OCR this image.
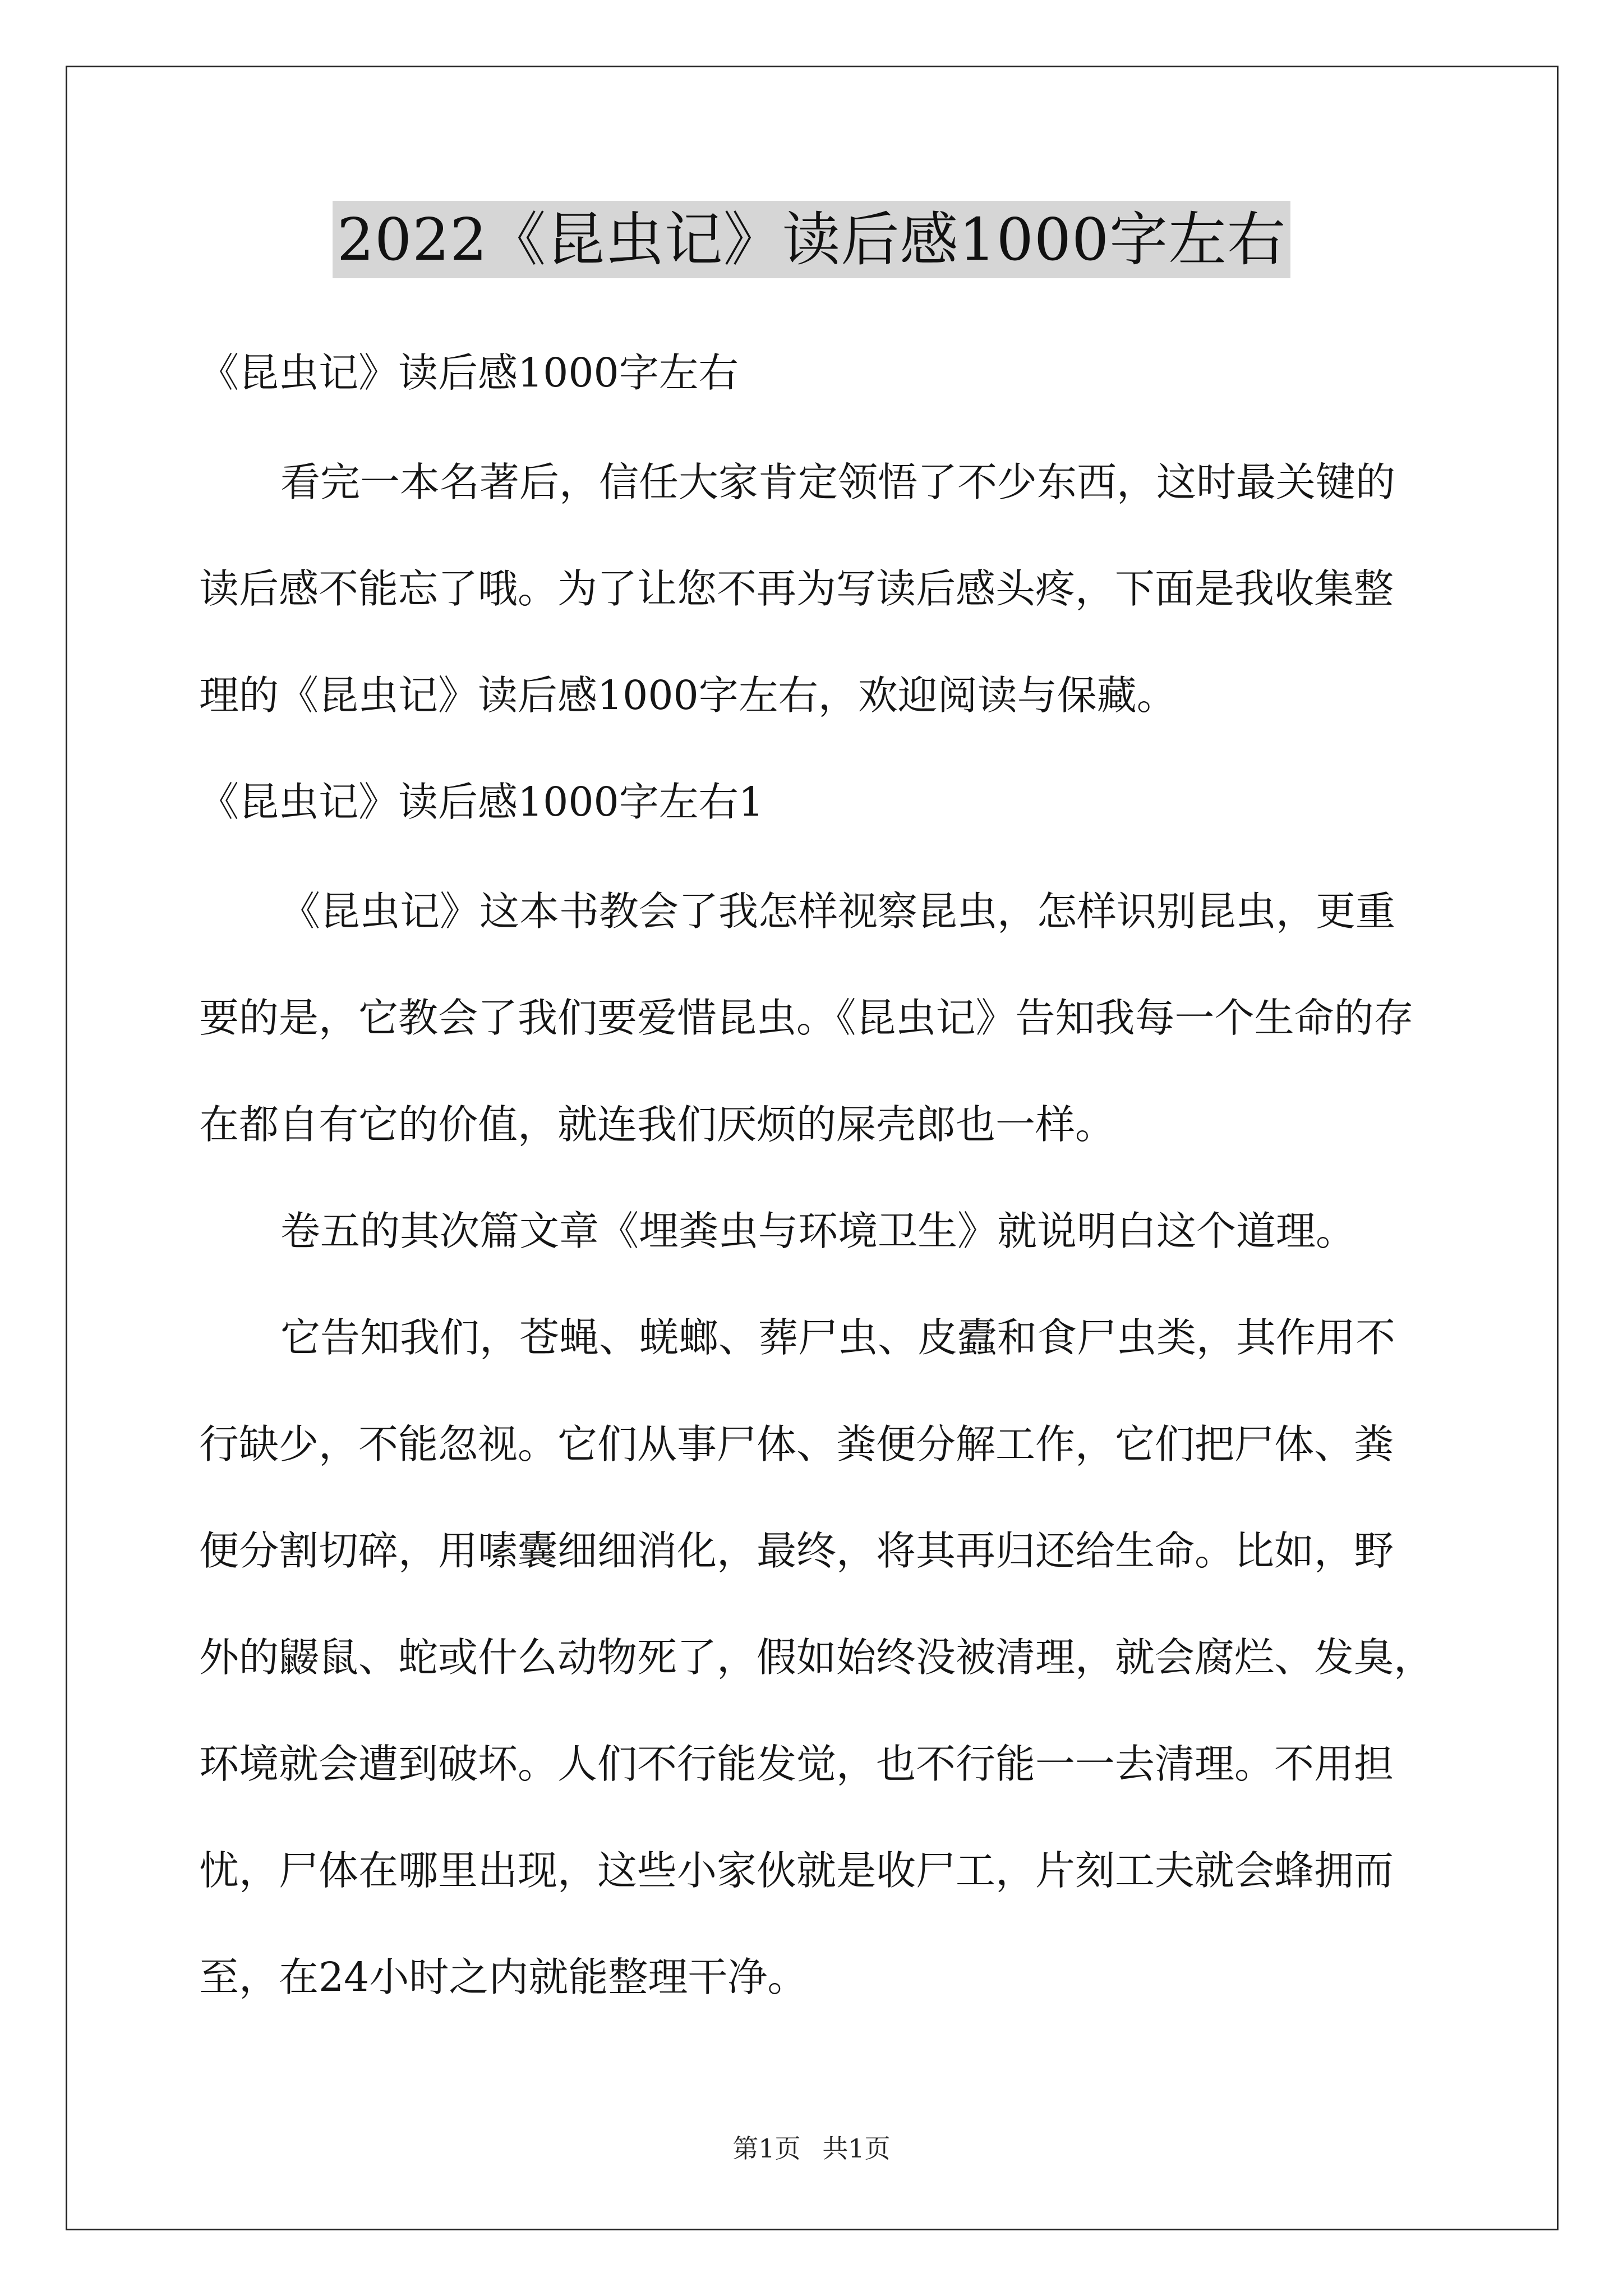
2022《昆虫记》读后感1000字左右
《昆虫记》读后感1000字左右
看完一本名著后，信任大家肯定领悟了不少东西，这时最关键的
读后感不能忘了哦。为了让您不再为写读后感头疼，下面是我收集整
理的《昆虫记》读后感1000字左右，欢迎阅读与保藏。
《昆虫记》读后感1000字左右1
《昆虫记》这本书教会了我怎样视察昆虫，怎样识别昆虫，更重
要的是，它教会了我们要爱惜昆虫。《昆虫记》告知我每一个生命的存
在都自有它的价值，就连我们厌烦的屎壳郎也一样。
卷五的其次篇文章《埋粪虫与环境卫生》就说明白这个道理。
它告知我们，苍蝇、蜣螂、葬尸虫、皮蠹和食尸虫类，其作用不
行缺少，不能忽视。它们从事尸体、粪便分解工作，它们把尸体、粪
便分割切碎，用嗉囊细细消化，最终，将其再归还给生命。比如，野
外的鼹鼠、蛇或什么动物死了，假如始终没被清理，就会腐烂、发臭，
环境就会遭到破坏。人们不行能发觉，也不行能一一去清理。不用担
忧，尸体在哪里出现，这些小家伙就是收尸工，片刻工夫就会蜂拥而
至，在24小时之内就能整理干净。
第1页 共1页
